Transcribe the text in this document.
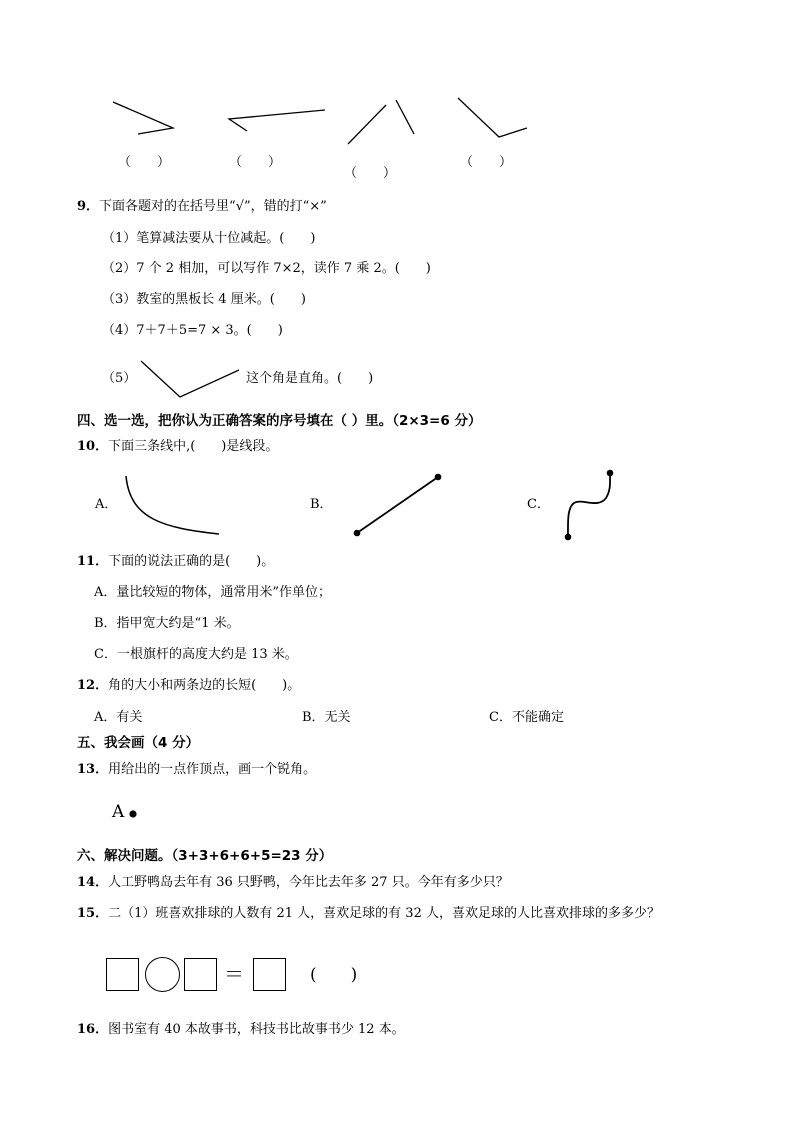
（　　）	（　　）
（　　）
（　　）
9．下面各题对的在括号里“√”，错的打“×”
（1）笔算减法要从十位减起。(　　)
（2）7 个 2 相加，可以写作 7×2，读作 7 乘 2。(　　)
（3）教室的黑板长 4 厘米。(　　)
（4）7＋7＋5=7 × 3。(　　)
（5）	这个角是直角。(　　)
四、选一选，把你认为正确答案的序号填在（ ）里。（2×3=6 分）
10．下面三条线中,(　　)是线段。
A．	B．	C．
11．下面的说法正确的是(　　)。
A．量比较短的物体，通常用米”作单位；
B．指甲宽大约是“1 米。
C．一根旗杆的高度大约是 13 米。
12．角的大小和两条边的长短(　　)。
A．有关	B．无关	C．不能确定
五、我会画（4 分）
13．用给出的一点作顶点，画一个锐角。
A
六、解决问题。（3+3+6+6+5=23 分）
14．人工野鸭岛去年有 36 只野鸭，今年比去年多 27 只。今年有多少只？
15．二（1）班喜欢排球的人数有 21 人，喜欢足球的有 32 人，喜欢足球的人比喜欢排球的多多少？
＝	(　　)
16．图书室有 40 本故事书，科技书比故事书少 12 本。
